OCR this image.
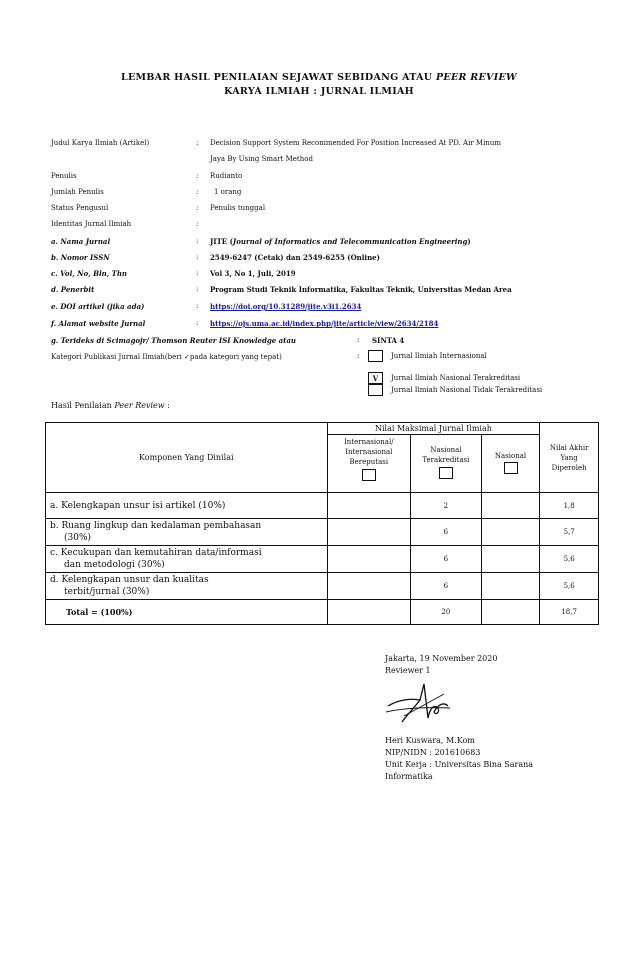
LEMBAR HASIL PENILAIAN SEJAWAT SEBIDANG ATAU PEER REVIEW
KARYA ILMIAH : JURNAL ILMIAH
Judul Karya Ilmiah (Artikel)	: Decision Support System Recommended For Position Increased At PD. Air Minum
Jaya By Using Smart Method
Penulis	: Rudianto
Jumlah Penulis	: 1 orang
Status Pengusul	: Penulis tunggal
Identitas Jurnal Ilmiah	:
a. Nama Jurnal	: JITE (Journal of Informatics and Telecommunication Engineering)
b. Nomor ISSN	: 2549-6247 (Cetak) dan 2549-6255 (Online)
c. Vol, No, Bln, Thn	: Vol 3, No 1, Juli, 2019
d. Penerbit	: Program Studi Teknik Informatika, Fakultas Teknik, Universitas Medan Area
e. DOI artikel (jika ada)	: https://doi.org/10.31289/jite.v3i1.2634
f. Alamat website Jurnal	: https://ojs.uma.ac.id/index.php/jite/article/view/2634/2184
g. Terideks di Scimagojr/ Thomson Reuter ISI Knowledge atau	: SINTA 4
Kategori Publikasi Jurnal Ilmiah(beri ✓pada kategori yang tepat)	:	Jurnal Ilmiah Internasional
V	Jurnal Ilmiah Nasional Terakreditasi
Jurnal Ilmiah Nasional Tidak Terakreditasi
Hasil Penilaian Peer Review :
Komponen Yang Dinilai	Nilai Maksimal Jurnal Ilmiah			Nilai Akhir Yang Diperoleh

	Internasional/ Internasional Bereputasi	Nasional Terakreditasi	Nasional	

a. Kelengkapan unsur isi artikel (10%)		2		1,8

b. Ruang lingkup dan kedalaman pembahasan
(30%)		6		5,7

c. Kecukupan dan kemutahiran data/informasi
dan metodologi (30%)		6		5,6

d. Kelengkapan unsur dan kualitas
terbit/jurnal (30%)		6		5,6
Total = (100%)		20		18,7
Jakarta, 19 November 2020
Reviewer 1
Heri Kuswara, M.Kom
NIP/NIDN : 201610683
Unit Kerja : Universitas Bina Sarana
Informatika
